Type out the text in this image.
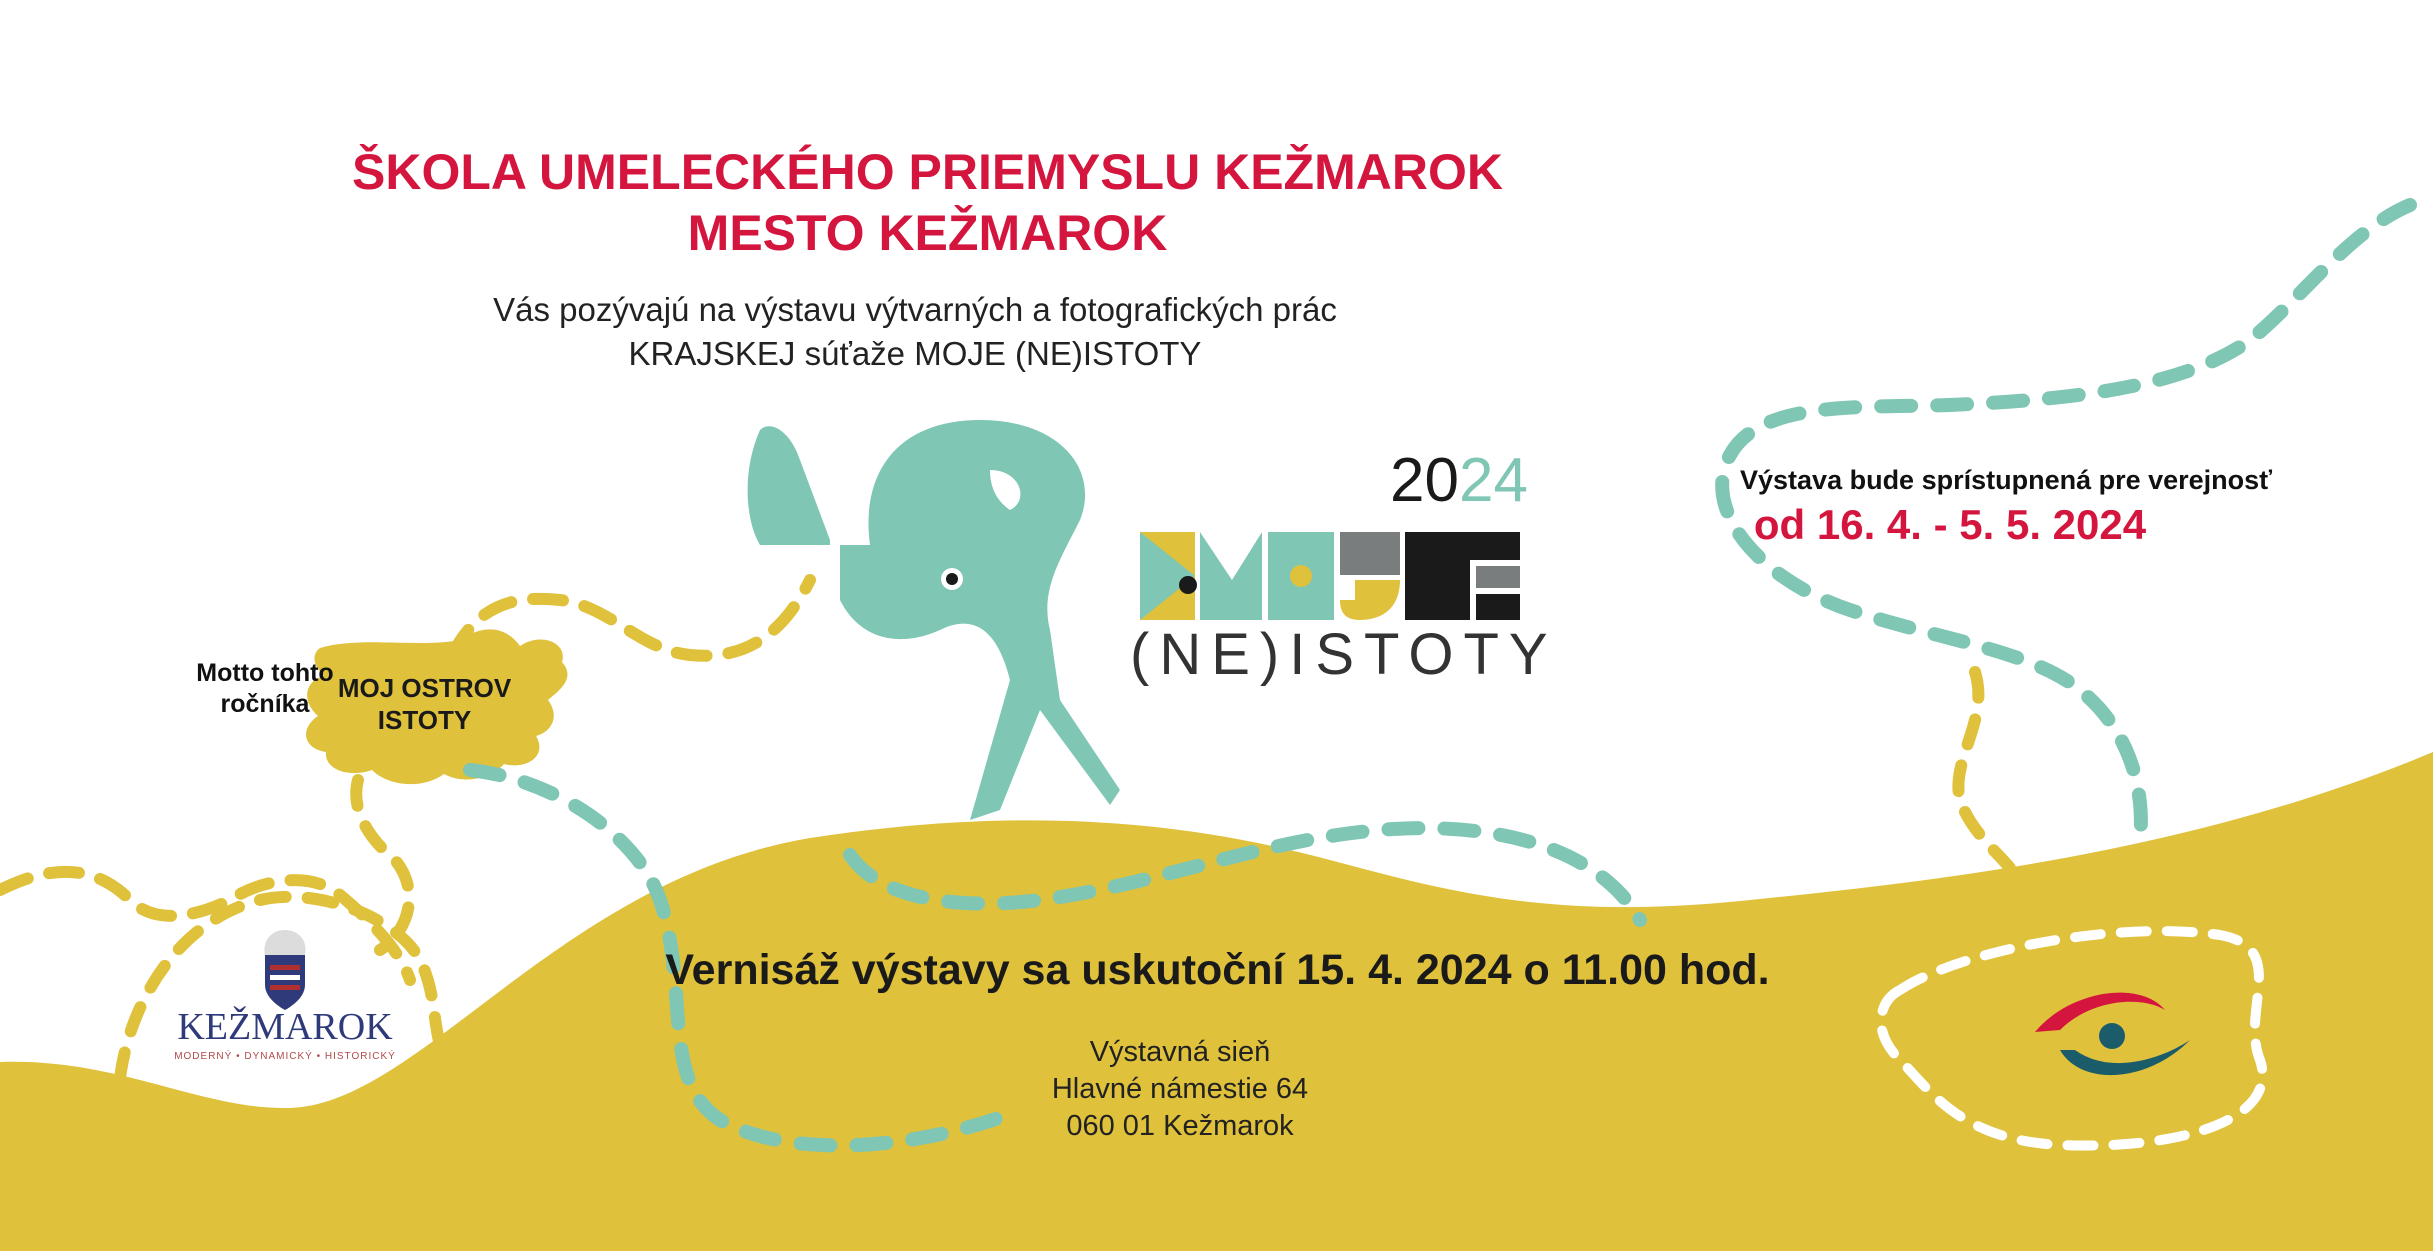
ŠKOLA UMELECKÉHO PRIEMYSLU KEŽMAROK
MESTO KEŽMAROK
Vás pozývajú na výstavu výtvarných a fotografických prác
KRAJSKEJ súťaže MOJE (NE)ISTOTY
2024
(NE)ISTOTY
Motto tohto ročníka
MOJ OSTROV ISTOTY
Výstava bude sprístupnená pre verejnosť
od 16. 4. - 5. 5. 2024
Vernisáž výstavy sa uskutoční 15. 4. 2024 o 11.00 hod.
Výstavná sieň
Hlavné námestie 64
060 01 Kežmarok
KEŽMAROK
MODERNÝ • DYNAMICKÝ • HISTORICKÝ
